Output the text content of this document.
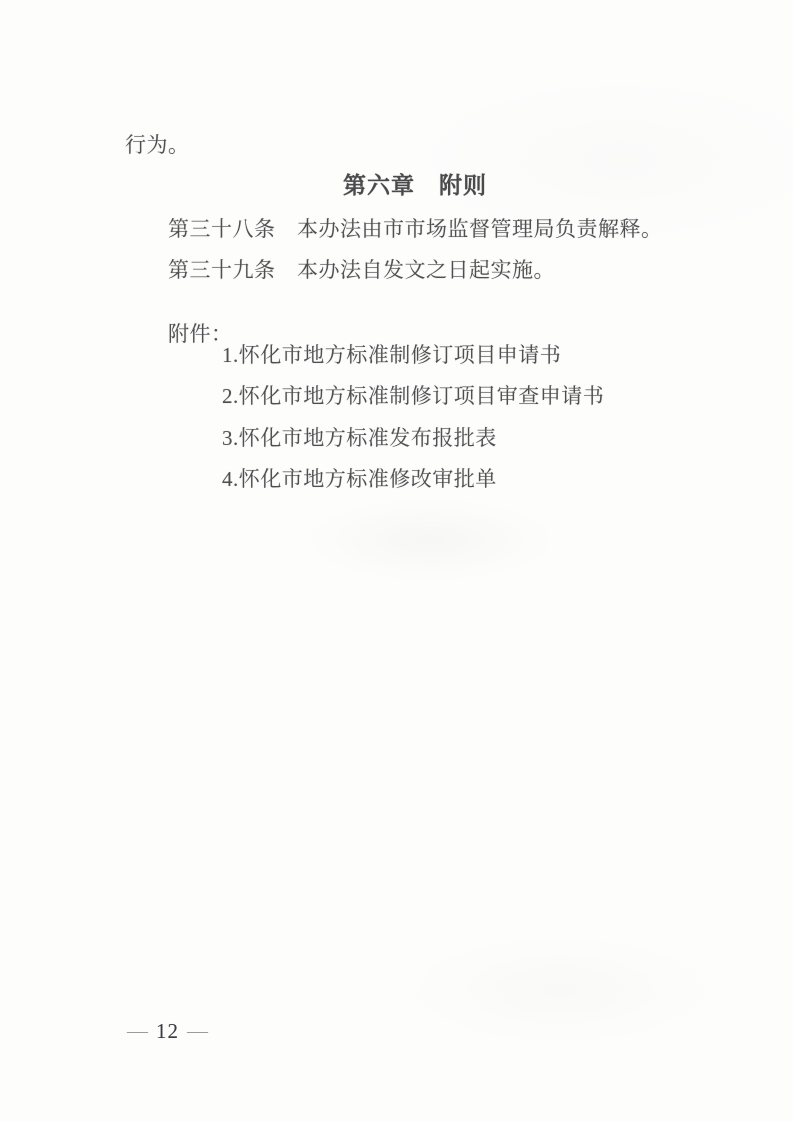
行为。

第六章　附则

第三十八条　本办法由市市场监督管理局负责解释。

第三十九条　本办法自发文之日起实施。

附件：

1.怀化市地方标准制修订项目申请书

2.怀化市地方标准制修订项目审查申请书

3.怀化市地方标准发布报批表

4.怀化市地方标准修改审批单

— 12 —
